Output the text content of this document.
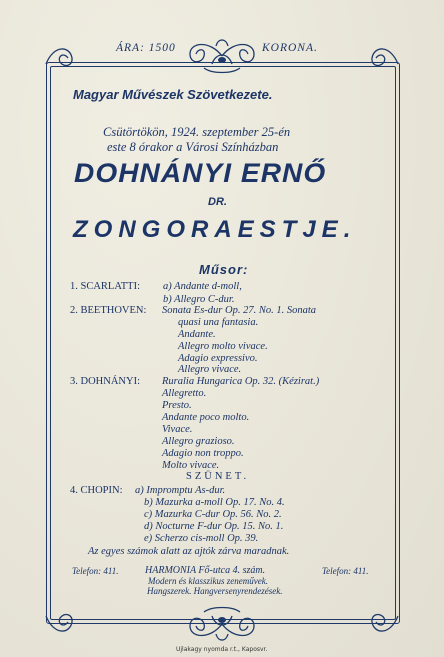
ÁRA: 1500	KORONA.
Magyar Művészek Szövetkezete.
Csütörtökön, 1924. szeptember 25-én
este 8 órakor a Városi Színházban
DOHNÁNYI ERNŐ
DR.
ZONGORAESTJE.
Műsor:
1. SCARLATTI: a) Andante d-moll,
b) Allegro C-dur.
2. BEETHOVEN: Sonata Es-dur Op. 27. No. 1. Sonata
quasi una fantasia.
Andante.
Allegro molto vivace.
Adagio expressivo.
Allegro vivace.
3. DOHNÁNYI: Ruralia Hungarica Op. 32. (Kézirat.)
Allegretto.
Presto.
Andante poco molto.
Vivace.
Allegro grazioso.
Adagio non troppo.
Molto vivace.
SZÜNET.
4. CHOPIN: a) Impromptu As-dur.
b) Mazurka a-moll Op. 17. No. 4.
c) Mazurka C-dur Op. 56. No. 2.
d) Nocturne F-dur Op. 15. No. 1.
e) Scherzo cis-moll Op. 39.
Az egyes számok alatt az ajtók zárva maradnak.
Telefon: 411.	HARMONIA Fő-utca 4. szám.	Telefon: 411.
Modern és klasszikus zeneművek.
Hangszerek. Hangversenyrendezések.
Ujlakagy nyomda r.t., Kaposvr.
